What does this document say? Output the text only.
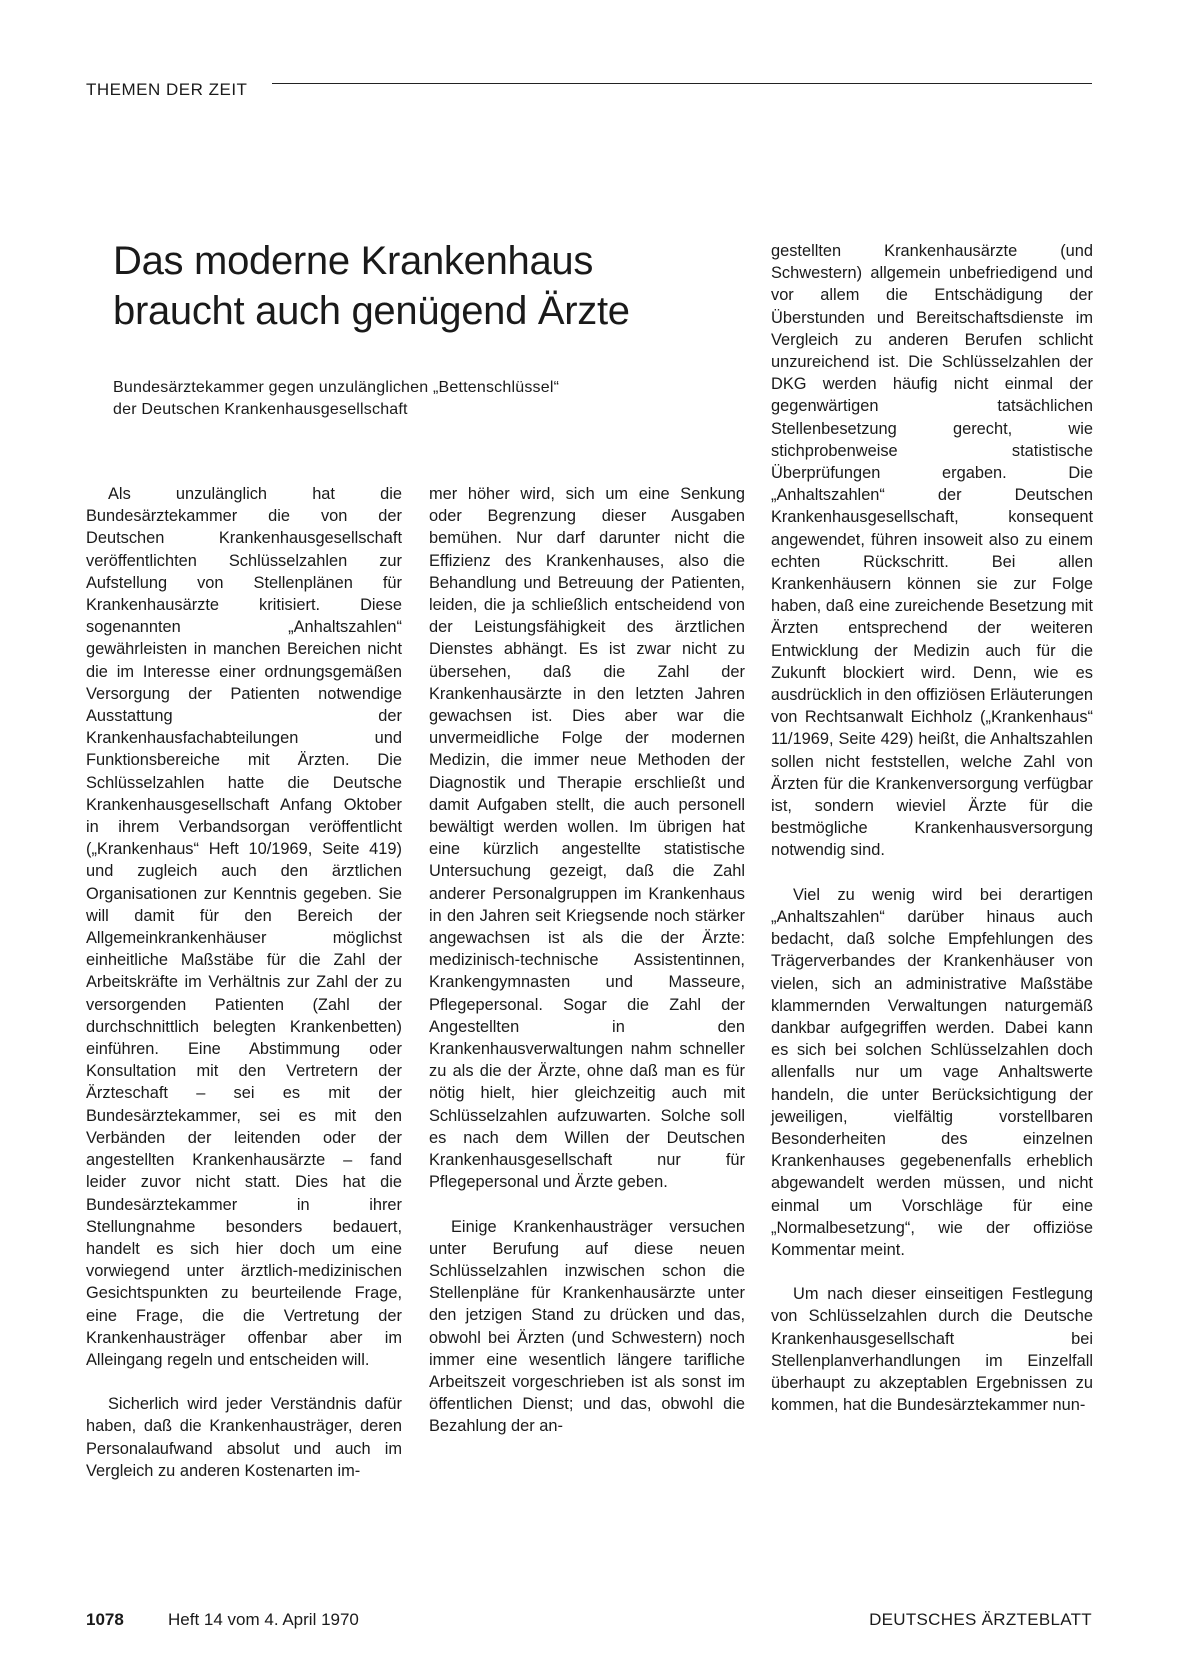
THEMEN DER ZEIT
Das moderne Krankenhaus
braucht auch genügend Ärzte

Bundesärztekammer gegen unzulänglichen „Bettenschlüssel“
der Deutschen Krankenhausgesellschaft

Als unzulänglich hat die Bundesärztekammer die von der Deutschen Krankenhausgesellschaft veröffentlichten Schlüsselzahlen zur Aufstellung von Stellenplänen für Krankenhausärzte kritisiert. Diese sogenannten „Anhaltszahlen“ gewährleisten in manchen Bereichen nicht die im Interesse einer ordnungsgemäßen Versorgung der Patienten notwendige Ausstattung der Krankenhausfachabteilungen und Funktionsbereiche mit Ärzten. Die Schlüsselzahlen hatte die Deutsche Krankenhausgesellschaft Anfang Oktober in ihrem Verbandsorgan veröffentlicht („Krankenhaus“ Heft 10/1969, Seite 419) und zugleich auch den ärztlichen Organisationen zur Kenntnis gegeben. Sie will damit für den Bereich der Allgemeinkrankenhäuser möglichst einheitliche Maßstäbe für die Zahl der Arbeitskräfte im Verhältnis zur Zahl der zu versorgenden Patienten (Zahl der durchschnittlich belegten Krankenbetten) einführen. Eine Abstimmung oder Konsultation mit den Vertretern der Ärzteschaft – sei es mit der Bundesärztekammer, sei es mit den Verbänden der leitenden oder der angestellten Krankenhausärzte – fand leider zuvor nicht statt. Dies hat die Bundesärztekammer in ihrer Stellungnahme besonders bedauert, handelt es sich hier doch um eine vorwiegend unter ärztlich-medizinischen Gesichtspunkten zu beurteilende Frage, eine Frage, die die Vertretung der Krankenhausträger offenbar aber im Alleingang regeln und entscheiden will.

Sicherlich wird jeder Verständnis dafür haben, daß die Krankenhausträger, deren Personalaufwand absolut und auch im Vergleich zu anderen Kostenarten im-

mer höher wird, sich um eine Senkung oder Begrenzung dieser Ausgaben bemühen. Nur darf darunter nicht die Effizienz des Krankenhauses, also die Behandlung und Betreuung der Patienten, leiden, die ja schließlich entscheidend von der Leistungsfähigkeit des ärztlichen Dienstes abhängt. Es ist zwar nicht zu übersehen, daß die Zahl der Krankenhausärzte in den letzten Jahren gewachsen ist. Dies aber war die unvermeidliche Folge der modernen Medizin, die immer neue Methoden der Diagnostik und Therapie erschließt und damit Aufgaben stellt, die auch personell bewältigt werden wollen. Im übrigen hat eine kürzlich angestellte statistische Untersuchung gezeigt, daß die Zahl anderer Personalgruppen im Krankenhaus in den Jahren seit Kriegsende noch stärker angewachsen ist als die der Ärzte: medizinisch-technische Assistentinnen, Krankengymnasten und Masseure, Pflegepersonal. Sogar die Zahl der Angestellten in den Krankenhausverwaltungen nahm schneller zu als die der Ärzte, ohne daß man es für nötig hielt, hier gleichzeitig auch mit Schlüsselzahlen aufzuwarten. Solche soll es nach dem Willen der Deutschen Krankenhausgesellschaft nur für Pflegepersonal und Ärzte geben.

Einige Krankenhausträger versuchen unter Berufung auf diese neuen Schlüsselzahlen inzwischen schon die Stellenpläne für Krankenhausärzte unter den jetzigen Stand zu drücken und das, obwohl bei Ärzten (und Schwestern) noch immer eine wesentlich längere tarifliche Arbeitszeit vorgeschrieben ist als sonst im öffentlichen Dienst; und das, obwohl die Bezahlung der an-

gestellten Krankenhausärzte (und Schwestern) allgemein unbefriedigend und vor allem die Entschädigung der Überstunden und Bereitschaftsdienste im Vergleich zu anderen Berufen schlicht unzureichend ist. Die Schlüsselzahlen der DKG werden häufig nicht einmal der gegenwärtigen tatsächlichen Stellenbesetzung gerecht, wie stichprobenweise statistische Überprüfungen ergaben. Die „Anhaltszahlen“ der Deutschen Krankenhausgesellschaft, konsequent angewendet, führen insoweit also zu einem echten Rückschritt. Bei allen Krankenhäusern können sie zur Folge haben, daß eine zureichende Besetzung mit Ärzten entsprechend der weiteren Entwicklung der Medizin auch für die Zukunft blockiert wird. Denn, wie es ausdrücklich in den offiziösen Erläuterungen von Rechtsanwalt Eichholz („Krankenhaus“ 11/1969, Seite 429) heißt, die Anhaltszahlen sollen nicht feststellen, welche Zahl von Ärzten für die Krankenversorgung verfügbar ist, sondern wieviel Ärzte für die bestmögliche Krankenhausversorgung notwendig sind.

Viel zu wenig wird bei derartigen „Anhaltszahlen“ darüber hinaus auch bedacht, daß solche Empfehlungen des Trägerverbandes der Krankenhäuser von vielen, sich an administrative Maßstäbe klammernden Verwaltungen naturgemäß dankbar aufgegriffen werden. Dabei kann es sich bei solchen Schlüsselzahlen doch allenfalls nur um vage Anhaltswerte handeln, die unter Berücksichtigung der jeweiligen, vielfältig vorstellbaren Besonderheiten des einzelnen Krankenhauses gegebenenfalls erheblich abgewandelt werden müssen, und nicht einmal um Vorschläge für eine „Normalbesetzung“, wie der offiziöse Kommentar meint.

Um nach dieser einseitigen Festlegung von Schlüsselzahlen durch die Deutsche Krankenhausgesellschaft bei Stellenplanverhandlungen im Einzelfall überhaupt zu akzeptablen Ergebnissen zu kommen, hat die Bundesärztekammer nun-

1078	Heft 14 vom 4. April 1970	DEUTSCHES ÄRZTEBLATT
